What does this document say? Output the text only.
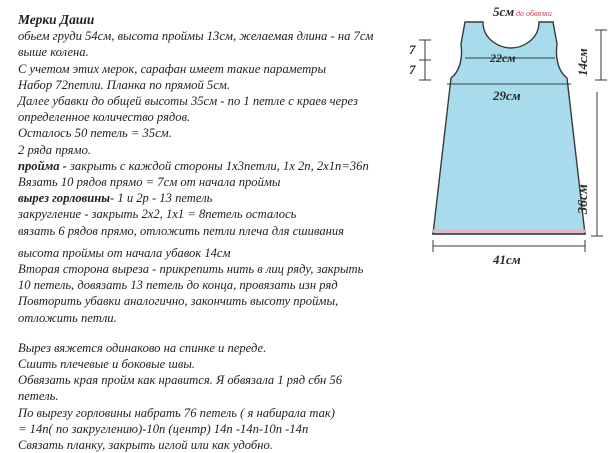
Мерки Даши
обьем груди 54см, высота проймы 13см, желаемая длина - на 7см
выше колена.
С учетом этих мерок, сарафан имеет такие параметры
Набор 72петли. Планка по прямой 5см.
Далее убавки до общей высоты 35см - по 1 петле с краев через
определенное количество рядов.
Осталось 50 петель = 35см.
2 ряда прямо.
пройма - закрыть с каждой стороны 1х3петли, 1х 2п, 2х1п=36п
Вязать 10 рядов прямо = 7см от начала проймы
вырез горловины- 1 и 2р - 13 петель
закругление - закрыть 2х2, 1х1 = 8петель осталось
вязать 6 рядов прямо, отложить петли плеча для сшивания
высота проймы от начала убавок 14см
Вторая сторона выреза - прикрепить нить в лиц ряду, закрыть
10 петель, довязать 13 петель до конца, провязать изн ряд
Повторить убавки аналогично, закончить высоту проймы,
отложить петли.
Вырез вяжется одинаково на спинке и переде.
Сшить плечевые и боковые швы.
Обвязать края пройм как нравится. Я обвязала 1 ряд сбн 56
петель.
По вырезу горловины набрать 76 петель ( я набирала так)
= 14п( по закруглению)-10п (центр) 14п -14п-10п -14п
Связать планку, закрыть иглой или как удобно.
5см до обвязки
22см
29см
41см
7
7	14см
36см
